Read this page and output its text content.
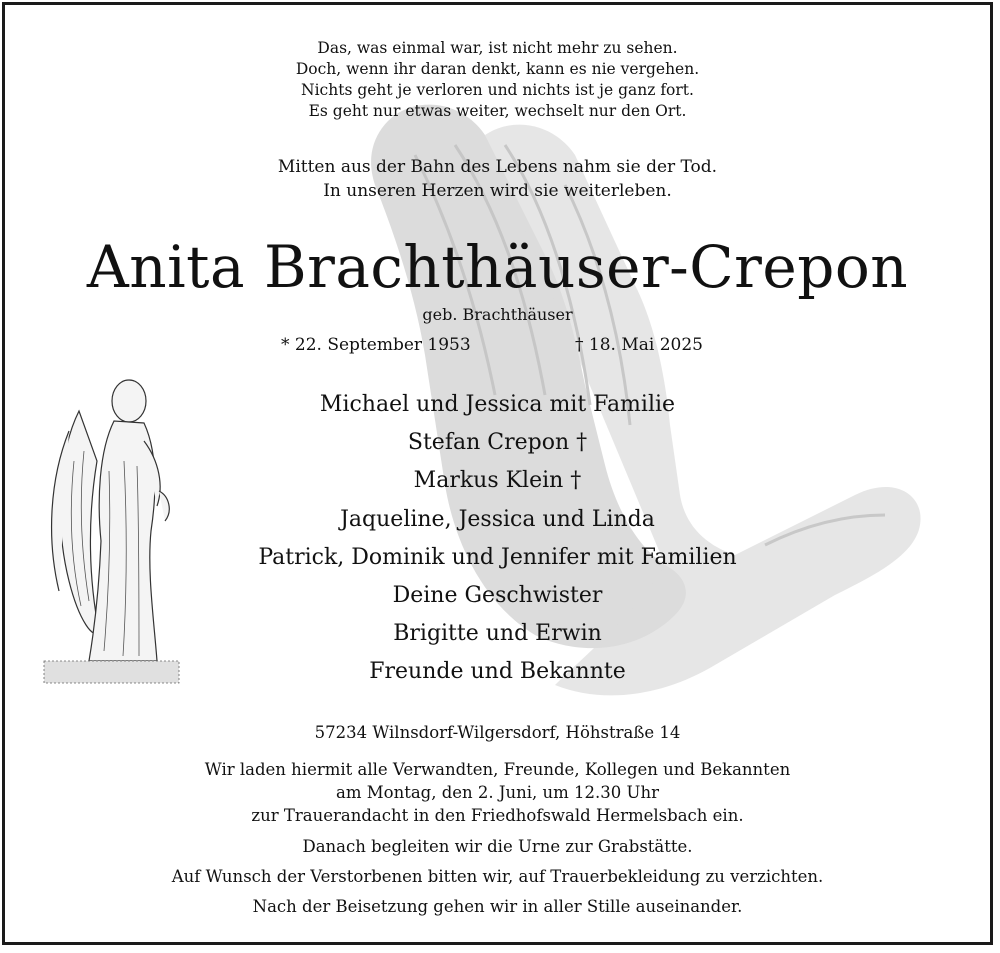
Das, was einmal war, ist nicht mehr zu sehen.
Doch, wenn ihr daran denkt, kann es nie vergehen.
Nichts geht je verloren und nichts ist je ganz fort.
Es geht nur etwas weiter, wechselt nur den Ort.
Mitten aus der Bahn des Lebens nahm sie der Tod.
In unseren Herzen wird sie weiterleben.
Anita Brachthäuser-Crepon
geb. Brachthäuser
* 22. September 1953	† 18. Mai 2025
Michael und Jessica mit Familie
Stefan Crepon †
Markus Klein †
Jaqueline, Jessica und Linda
Patrick, Dominik und Jennifer mit Familien
Deine Geschwister
Brigitte und Erwin
Freunde und Bekannte
57234 Wilnsdorf-Wilgersdorf, Höhstraße 14
Wir laden hiermit alle Verwandten, Freunde, Kollegen und Bekannten
am Montag, den 2. Juni, um 12.30 Uhr
zur Trauerandacht in den Friedhofswald Hermelsbach ein.
Danach begleiten wir die Urne zur Grabstätte.
Auf Wunsch der Verstorbenen bitten wir, auf Trauerbekleidung zu verzichten.
Nach der Beisetzung gehen wir in aller Stille auseinander.
